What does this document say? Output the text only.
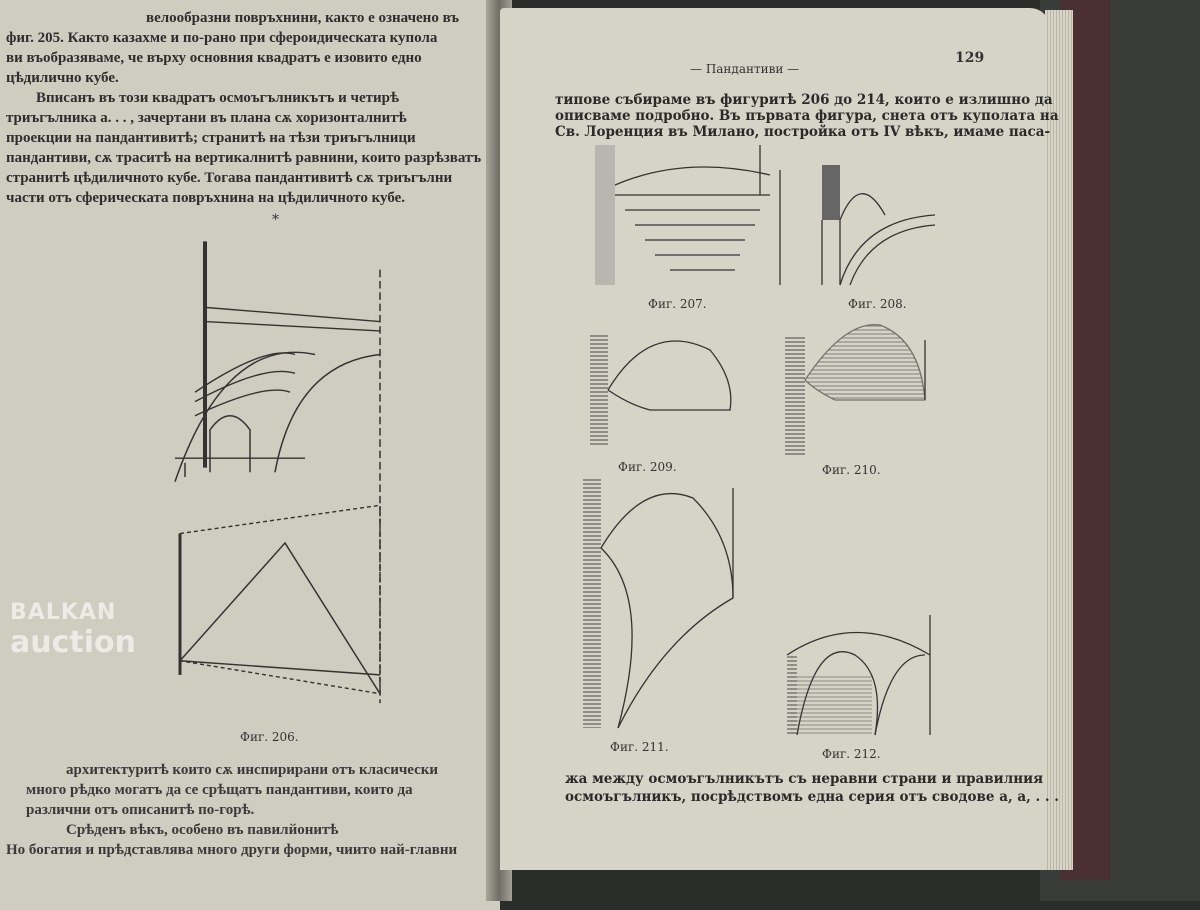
велообразни повръхнини, както е означено въ
фиг. 205. Както казахме и по-рано при сфероидическата купола
ви въобразяваме, че върху основния квадратъ е изовито едно
цѣдилично кубе.
Вписанъ въ този квадратъ осмоъгълникътъ и четирѣ
триъгълника а. . . , зачертани въ плана сѫ хоризонталнитѣ
проекции на пандантивитѣ; странитѣ на тѣзи триъгълници
пандантиви, сѫ траситѣ на вертикалнитѣ равнини, които разрѣзватъ
странитѣ цѣдиличното кубе. Тогава пандантивитѣ сѫ триъгълни
части отъ сферическата повръхнина на цѣдиличното кубе.
*
Фиг. 206.
архитектуритѣ които сѫ инспирирани отъ класически
много рѣдко могатъ да се срѣщатъ пандантиви, които да
различни отъ описанитѣ по-горѣ.
Срѣденъ вѣкъ, особено въ павилйонитѣ
Но богатия и прѣдставлява много други форми, чиито най-главни
— Пандантиви —
129
типове събираме въ фигуритѣ 206 до 214, които е излишно да
описваме подробно. Въ първата фигура, снета отъ куполата на
Св. Лоренция въ Милано, постройка отъ IV вѣкъ, имаме паса-
Фиг. 207.	Фиг. 208.
Фиг. 209.	Фиг. 210.
Фиг. 211.	Фиг. 212.
жа между осмоъгълникътъ съ неравни страни и правилния
осмоъгълникъ, посрѣдствомъ една серия отъ сводове а, а, . . .
BALKAN
auction
